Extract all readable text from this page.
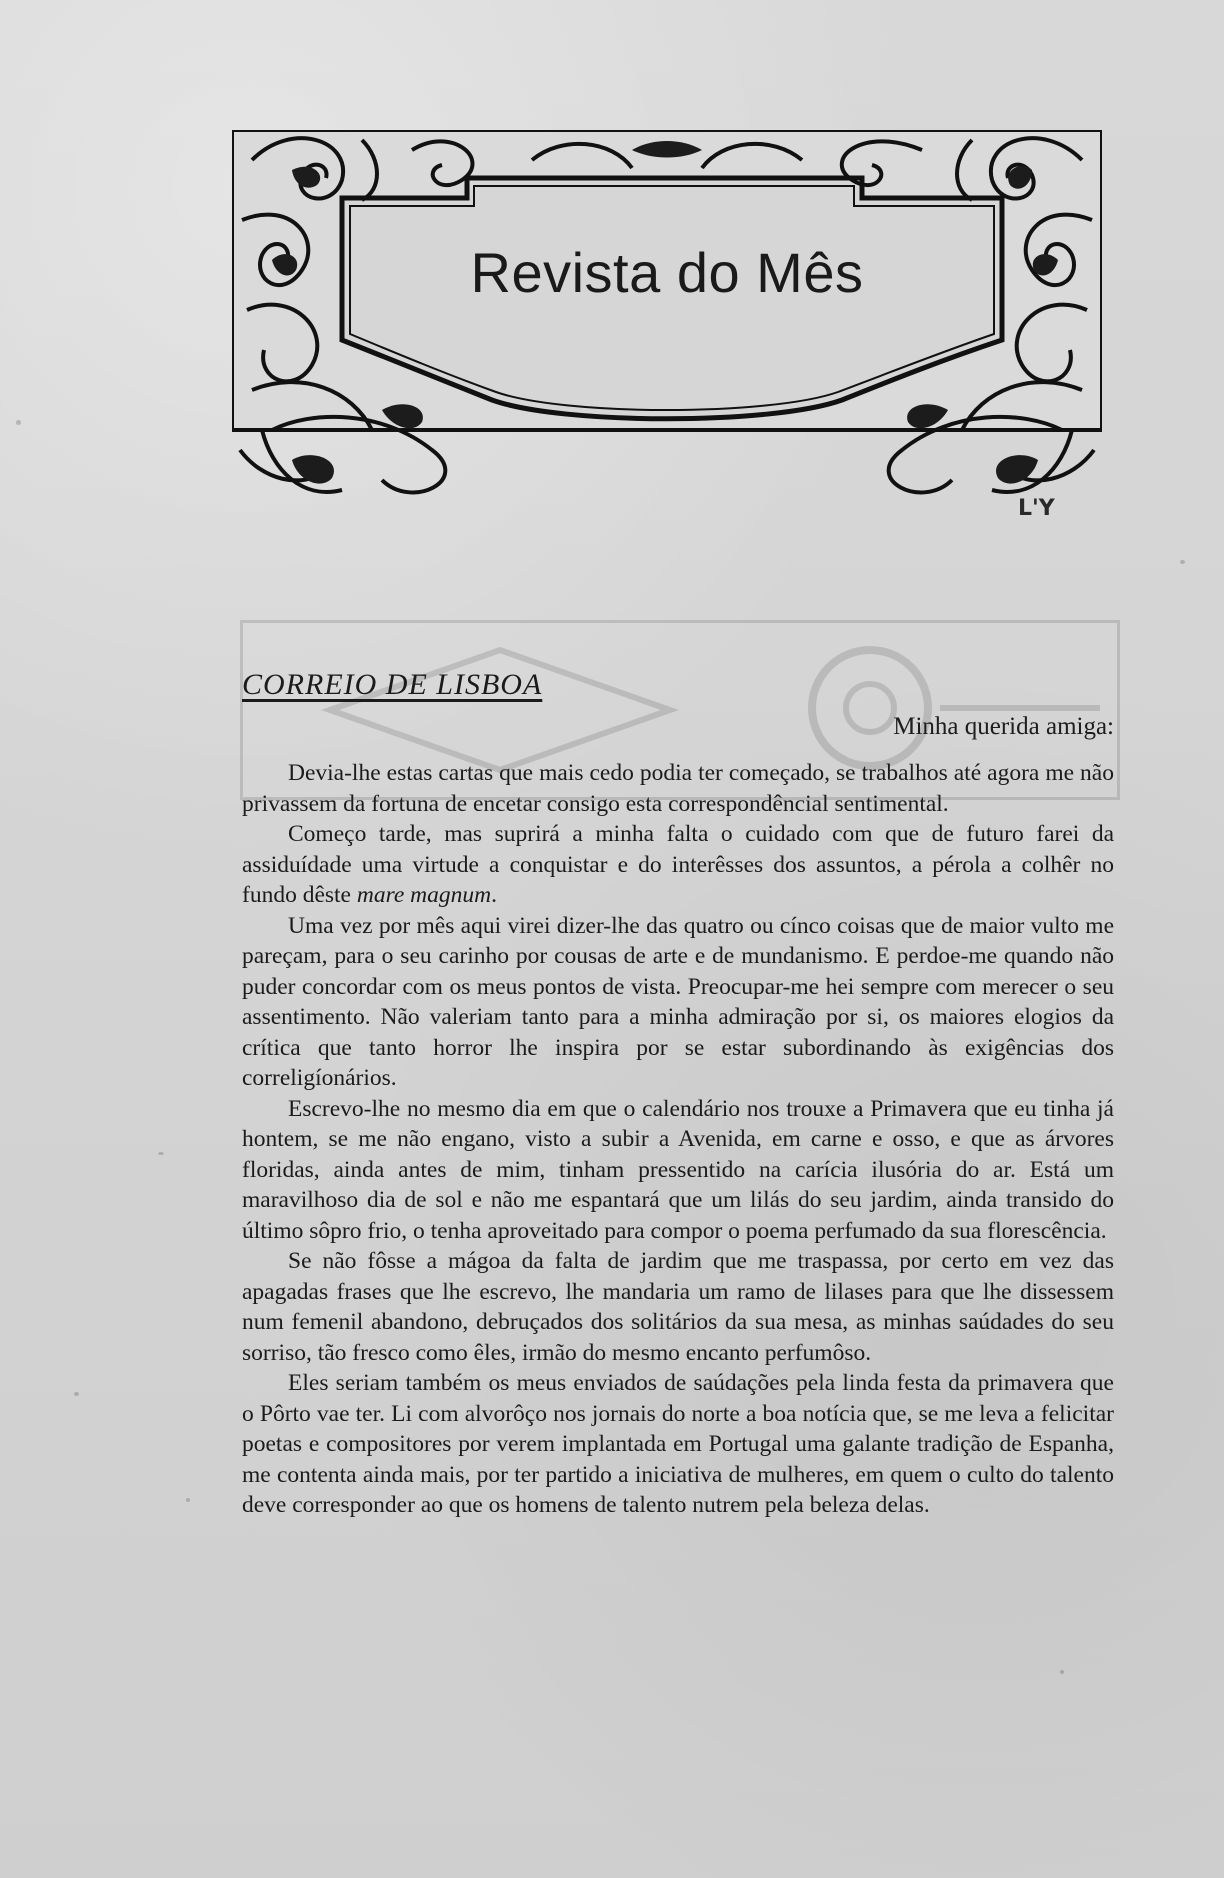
Revista do Mês
L'Y
CORREIO DE LISBOA
Minha querida amiga:

Devia-lhe estas cartas que mais cedo podia ter começado, se trabalhos até agora me não privassem da fortuna de encetar consigo esta correspondêncial sentimental.

Começo tarde, mas suprirá a minha falta o cuidado com que de futuro farei da assiduídade uma virtude a conquistar e do interêsses dos assuntos, a pérola a colhêr no fundo dêste mare magnum.

Uma vez por mês aqui virei dizer-lhe das quatro ou cínco coisas que de maior vulto me pareçam, para o seu carinho por cousas de arte e de mundanismo. E perdoe-me quando não puder concordar com os meus pontos de vista. Preocupar-me hei sempre com merecer o seu assentimento. Não valeriam tanto para a minha admiração por si, os maiores elogios da crítica que tanto horror lhe inspira por se estar subordinando às exigências dos correligíonários.

Escrevo-lhe no mesmo dia em que o calendário nos trouxe a Primavera que eu tinha já hontem, se me não engano, visto a subir a Avenida, em carne e osso, e que as árvores floridas, ainda antes de mim, tinham pressentido na carícia ilusória do ar. Está um maravilhoso dia de sol e não me espantará que um lilás do seu jardim, ainda transido do último sôpro frio, o tenha aproveitado para compor o poema perfumado da sua florescência.

Se não fôsse a mágoa da falta de jardim que me traspassa, por certo em vez das apagadas frases que lhe escrevo, lhe mandaria um ramo de lilases para que lhe dissessem num femenil abandono, debruçados dos solitários da sua mesa, as minhas saúdades do seu sorriso, tão fresco como êles, irmão do mesmo encanto perfumôso.

Eles seriam também os meus enviados de saúdações pela linda festa da primavera que o Pôrto vae ter. Li com alvorôço nos jornais do norte a boa notícia que, se me leva a felicitar poetas e compositores por verem implantada em Portugal uma galante tradição de Espanha, me contenta ainda mais, por ter partido a iniciativa de mulheres, em quem o culto do talento deve corresponder ao que os homens de talento nutrem pela beleza delas.
